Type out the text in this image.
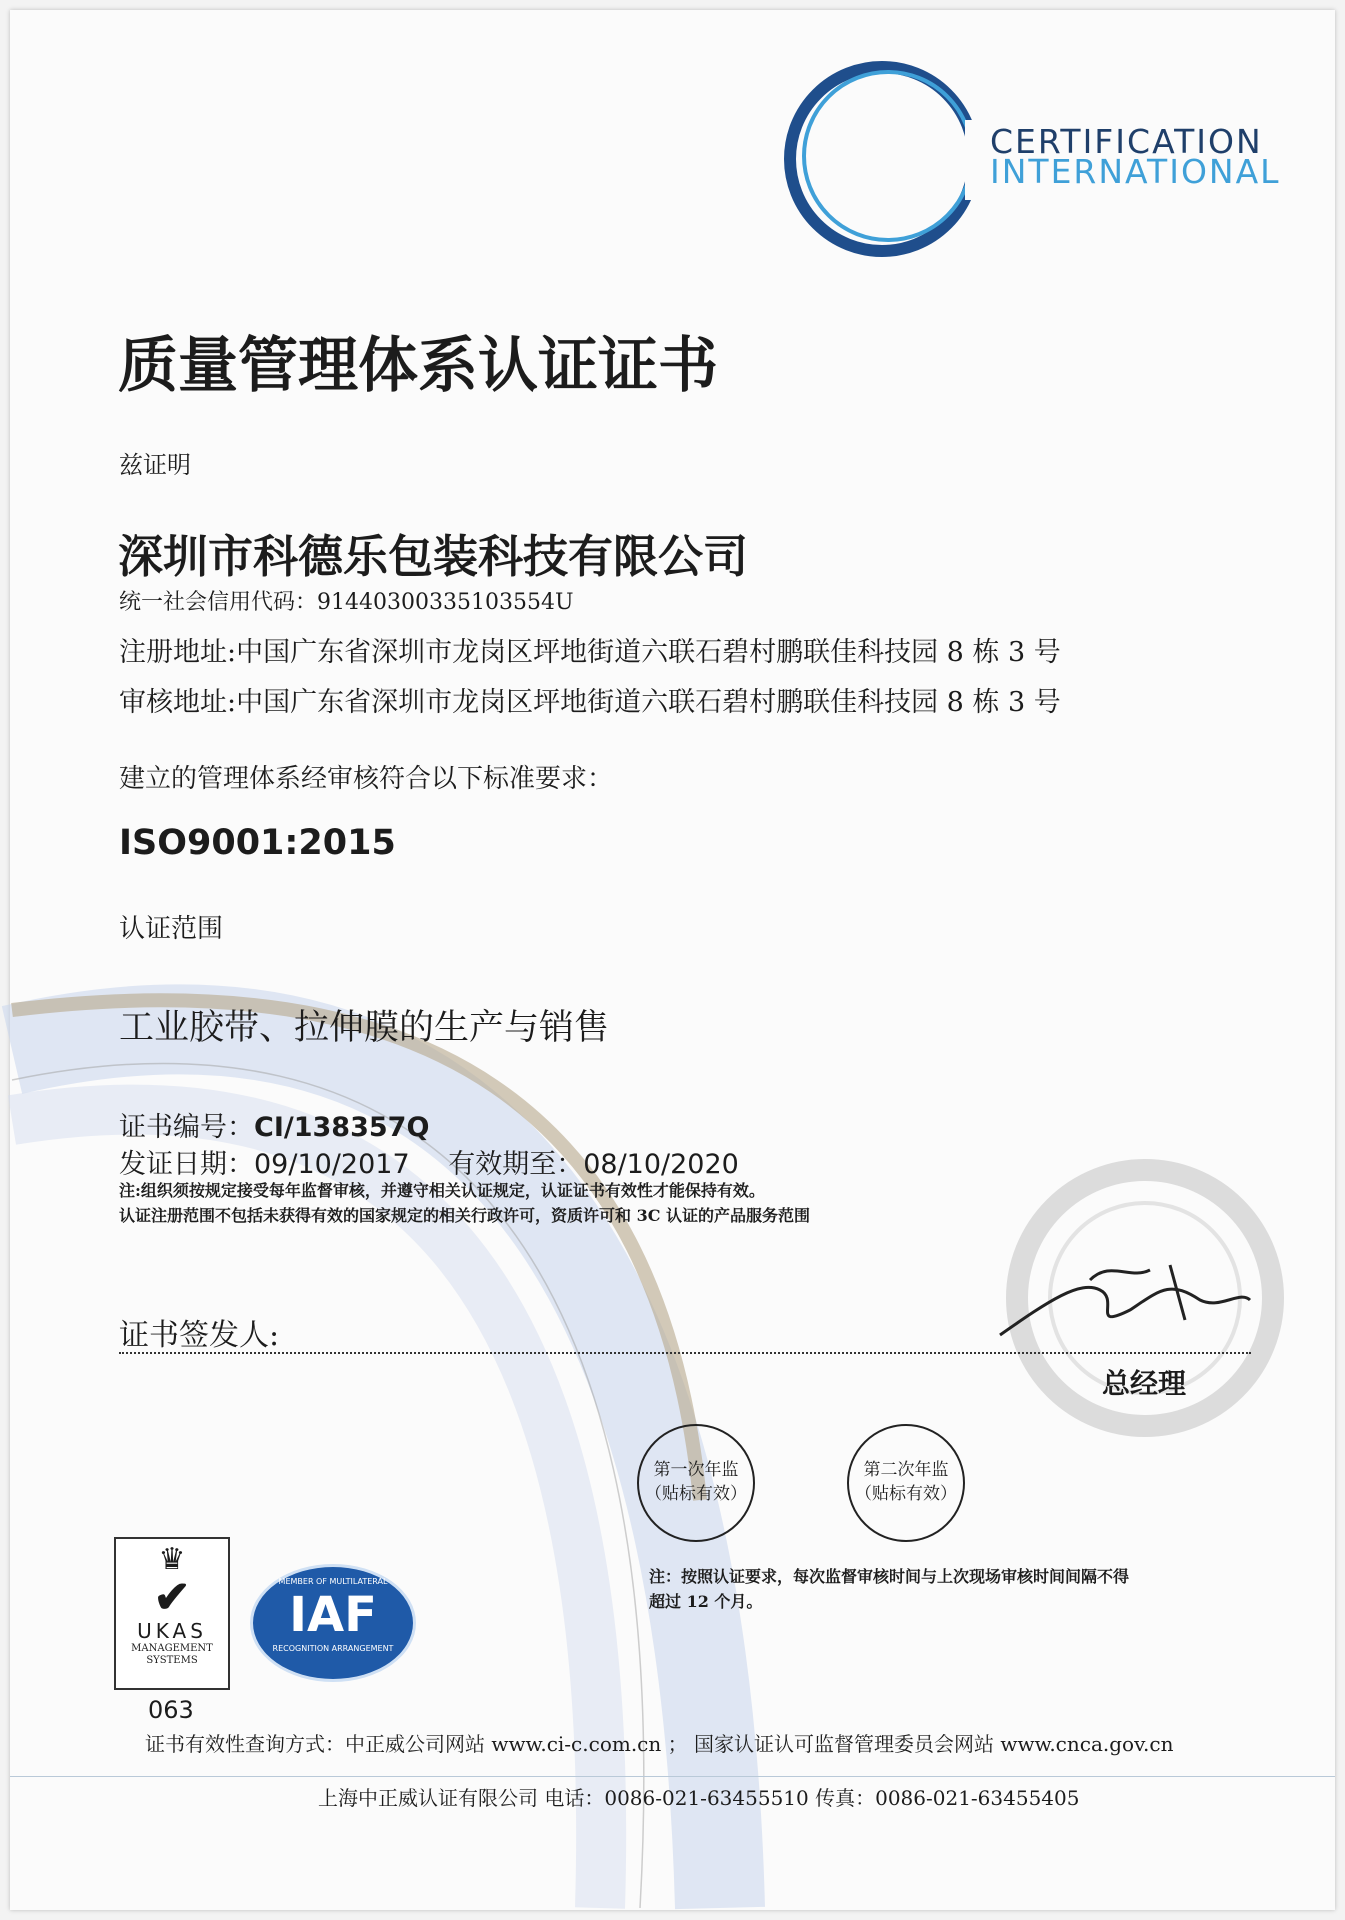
CERTIFICATION
INTERNATIONAL
质量管理体系认证证书
兹证明
深圳市科德乐包装科技有限公司
统一社会信用代码：91440300335103554U
注册地址:中国广东省深圳市龙岗区坪地街道六联石碧村鹏联佳科技园 8 栋 3 号
审核地址:中国广东省深圳市龙岗区坪地街道六联石碧村鹏联佳科技园 8 栋 3 号
建立的管理体系经审核符合以下标准要求：
ISO9001:2015
认证范围
工业胶带、拉伸膜的生产与销售
证书编号：CI/138357Q
发证日期：09/10/2017 有效期至：08/10/2020
注:组织须按规定接受每年监督审核，并遵守相关认证规定，认证证书有效性才能保持有效。
认证注册范围不包括未获得有效的国家规定的相关行政许可，资质许可和 3C 认证的产品服务范围
证书签发人:
总经理
第一次年监
（贴标有效）
第二次年监
（贴标有效）
注：按照认证要求，每次监督审核时间与上次现场审核时间间隔不得
超过 12 个月。
♛
✔
UKAS
MANAGEMENT
SYSTEMS
063
MEMBER OF MULTILATERAL
IAF
RECOGNITION ARRANGEMENT
证书有效性查询方式：中正威公司网站 www.ci-c.com.cn ； 国家认证认可监督管理委员会网站 www.cnca.gov.cn
上海中正威认证有限公司 电话：0086-021-63455510 传真：0086-021-63455405
